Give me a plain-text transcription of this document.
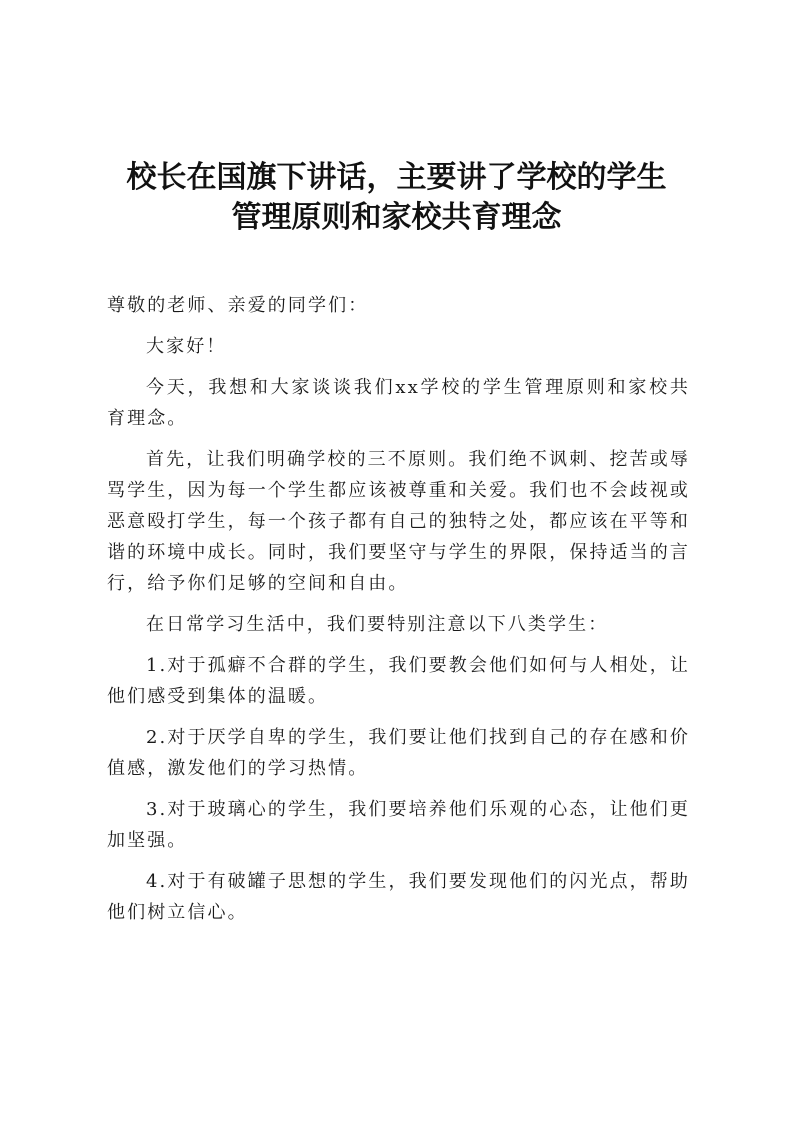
校长在国旗下讲话，主要讲了学校的学生
管理原则和家校共育理念

尊敬的老师、亲爱的同学们：

大家好！

今天，我想和大家谈谈我们xx学校的学生管理原则和家校共育理念。

首先，让我们明确学校的三不原则。我们绝不讽刺、挖苦或辱骂学生，因为每一个学生都应该被尊重和关爱。我们也不会歧视或恶意殴打学生，每一个孩子都有自己的独特之处，都应该在平等和谐的环境中成长。同时，我们要坚守与学生的界限，保持适当的言行，给予你们足够的空间和自由。

在日常学习生活中，我们要特别注意以下八类学生：

1.对于孤癖不合群的学生，我们要教会他们如何与人相处，让他们感受到集体的温暖。

2.对于厌学自卑的学生，我们要让他们找到自己的存在感和价值感，激发他们的学习热情。

3.对于玻璃心的学生，我们要培养他们乐观的心态，让他们更加坚强。

4.对于有破罐子思想的学生，我们要发现他们的闪光点，帮助他们树立信心。
